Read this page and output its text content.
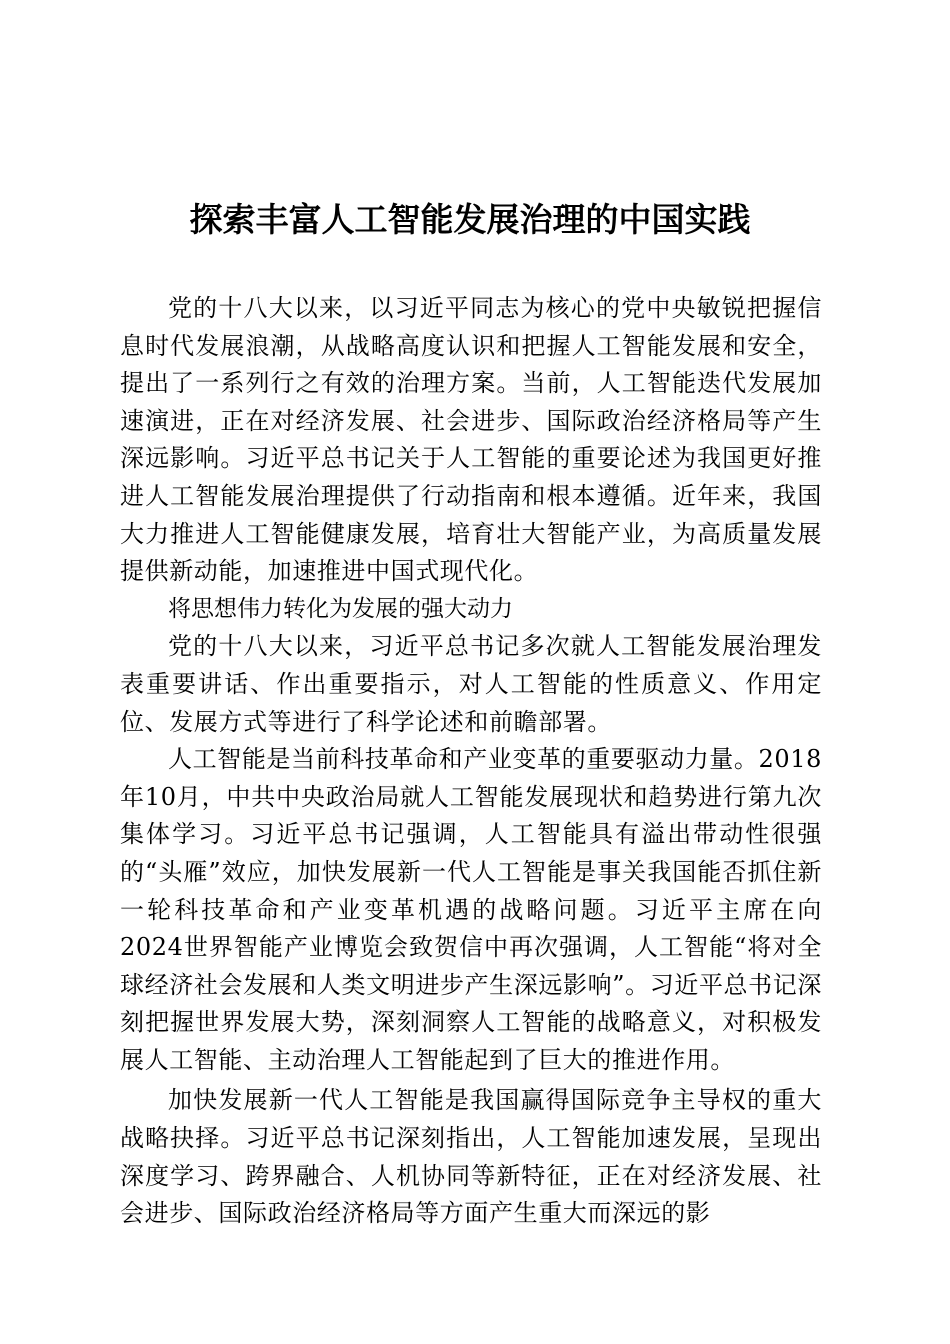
探索丰富人工智能发展治理的中国实践

党的十八大以来，以习近平同志为核心的党中央敏锐把握信息时代发展浪潮，从战略高度认识和把握人工智能发展和安全，提出了一系列行之有效的治理方案。当前，人工智能迭代发展加速演进，正在对经济发展、社会进步、国际政治经济格局等产生深远影响。习近平总书记关于人工智能的重要论述为我国更好推进人工智能发展治理提供了行动指南和根本遵循。近年来，我国大力推进人工智能健康发展，培育壮大智能产业，为高质量发展提供新动能，加速推进中国式现代化。

将思想伟力转化为发展的强大动力

党的十八大以来，习近平总书记多次就人工智能发展治理发表重要讲话、作出重要指示，对人工智能的性质意义、作用定位、发展方式等进行了科学论述和前瞻部署。

人工智能是当前科技革命和产业变革的重要驱动力量。2018年10月，中共中央政治局就人工智能发展现状和趋势进行第九次集体学习。习近平总书记强调，人工智能具有溢出带动性很强的“头雁”效应，加快发展新一代人工智能是事关我国能否抓住新一轮科技革命和产业变革机遇的战略问题。习近平主席在向2024世界智能产业博览会致贺信中再次强调，人工智能“将对全球经济社会发展和人类文明进步产生深远影响”。习近平总书记深刻把握世界发展大势，深刻洞察人工智能的战略意义，对积极发展人工智能、主动治理人工智能起到了巨大的推进作用。

加快发展新一代人工智能是我国赢得国际竞争主导权的重大战略抉择。习近平总书记深刻指出，人工智能加速发展，呈现出深度学习、跨界融合、人机协同等新特征，正在对经济发展、社会进步、国际政治经济格局等方面产生重大而深远的影
